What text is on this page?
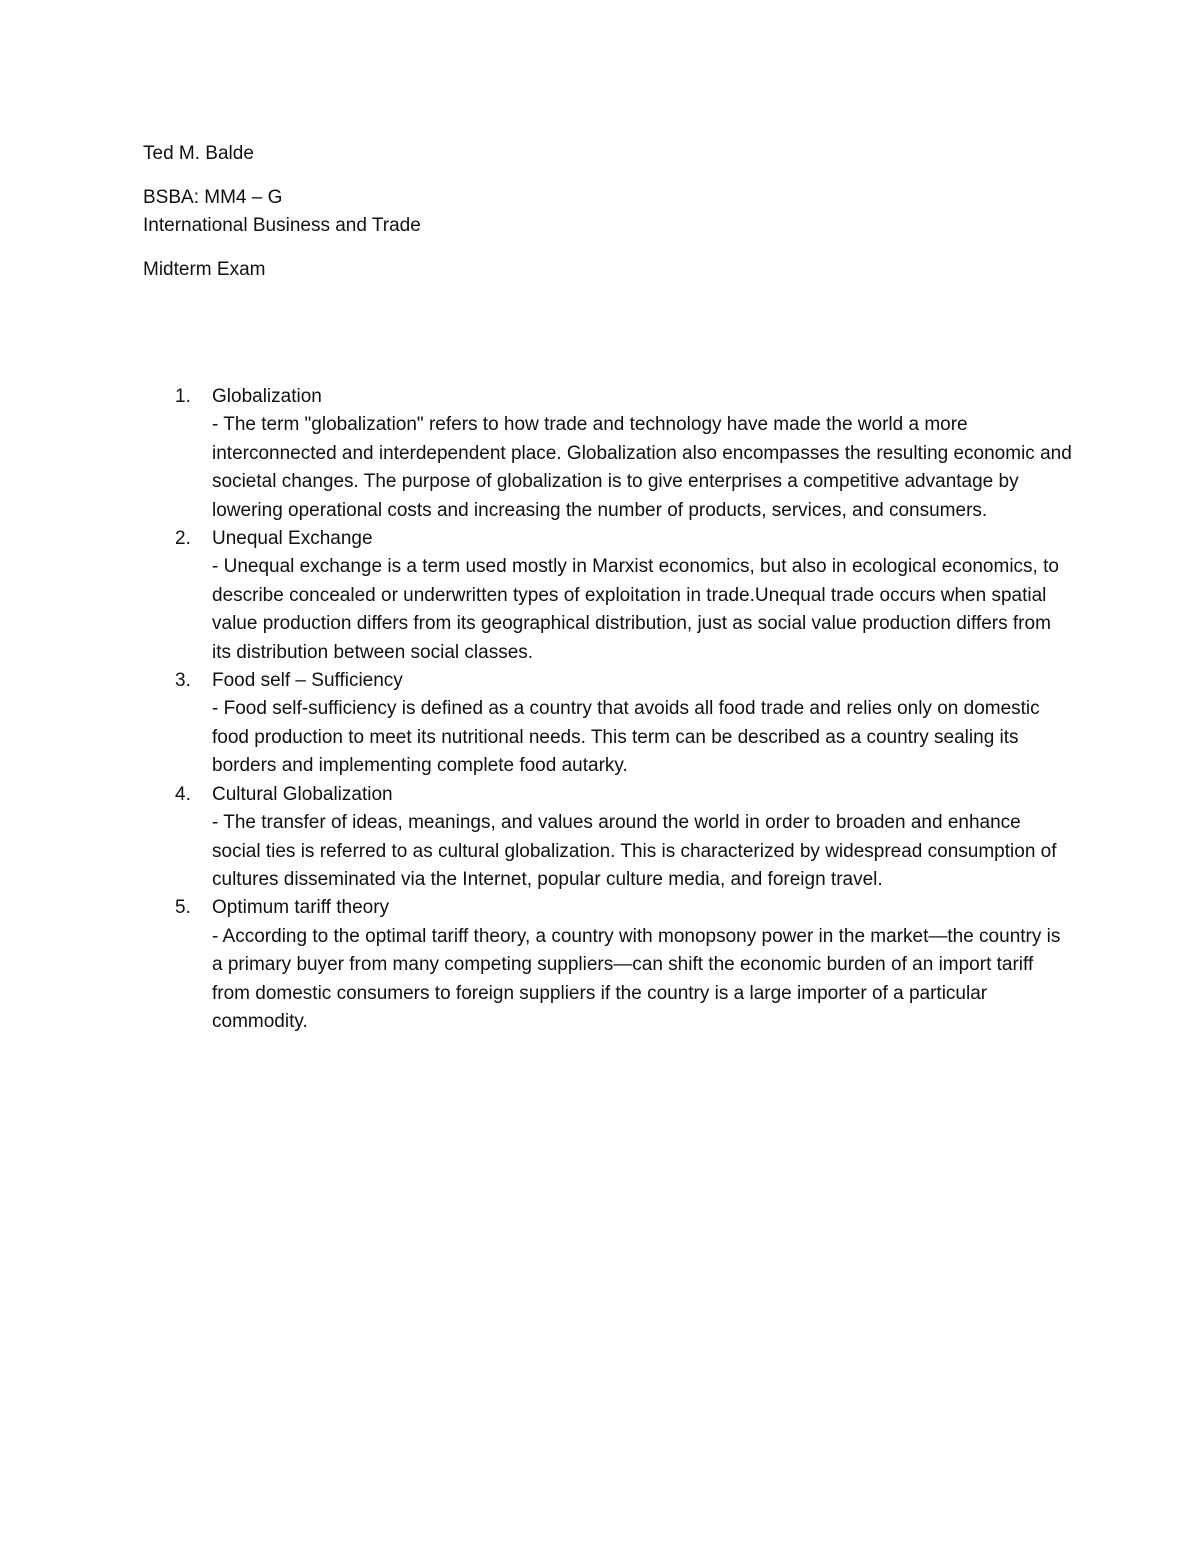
Ted M. Balde

BSBA: MM4 – G

International Business and Trade

Midterm Exam

1. Globalization
- The term "globalization" refers to how trade and technology have made the world a more interconnected and interdependent place. Globalization also encompasses the resulting economic and societal changes. The purpose of globalization is to give enterprises a competitive advantage by lowering operational costs and increasing the number of products, services, and consumers.
2. Unequal Exchange
- Unequal exchange is a term used mostly in Marxist economics, but also in ecological economics, to describe concealed or underwritten types of exploitation in trade.Unequal trade occurs when spatial value production differs from its geographical distribution, just as social value production differs from its distribution between social classes.
3. Food self – Sufficiency
- Food self-sufficiency is defined as a country that avoids all food trade and relies only on domestic food production to meet its nutritional needs. This term can be described as a country sealing its borders and implementing complete food autarky.
4. Cultural Globalization
- The transfer of ideas, meanings, and values around the world in order to broaden and enhance social ties is referred to as cultural globalization. This is characterized by widespread consumption of cultures disseminated via the Internet, popular culture media, and foreign travel.
5. Optimum tariff theory
- According to the optimal tariff theory, a country with monopsony power in the market—the country is a primary buyer from many competing suppliers—can shift the economic burden of an import tariff from domestic consumers to foreign suppliers if the country is a large importer of a particular commodity.
